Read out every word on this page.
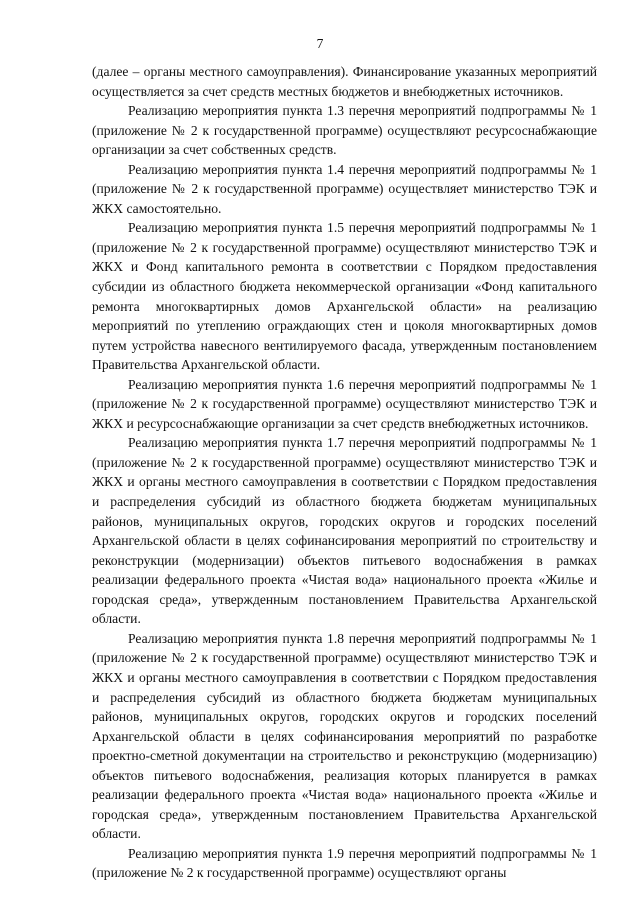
7

(далее – органы местного самоуправления). Финансирование указанных мероприятий осуществляется за счет средств местных бюджетов и внебюджетных источников.

Реализацию мероприятия пункта 1.3 перечня мероприятий подпрограммы № 1 (приложение № 2 к государственной программе) осуществляют ресурсоснабжающие организации за счет собственных средств.

Реализацию мероприятия пункта 1.4 перечня мероприятий подпрограммы № 1 (приложение № 2 к государственной программе) осуществляет министерство ТЭК и ЖКХ самостоятельно.

Реализацию мероприятия пункта 1.5 перечня мероприятий подпрограммы № 1 (приложение № 2 к государственной программе) осуществляют министерство ТЭК и ЖКХ и Фонд капитального ремонта в соответствии с Порядком предоставления субсидии из областного бюджета некоммерческой организации «Фонд капитального ремонта многоквартирных домов Архангельской области» на реализацию мероприятий по утеплению ограждающих стен и цоколя многоквартирных домов путем устройства навесного вентилируемого фасада, утвержденным постановлением Правительства Архангельской области.

Реализацию мероприятия пункта 1.6 перечня мероприятий подпрограммы № 1 (приложение № 2 к государственной программе) осуществляют министерство ТЭК и ЖКХ и ресурсоснабжающие организации за счет средств внебюджетных источников.

Реализацию мероприятия пункта 1.7 перечня мероприятий подпрограммы № 1 (приложение № 2 к государственной программе) осуществляют министерство ТЭК и ЖКХ и органы местного самоуправления в соответствии с Порядком предоставления и распределения субсидий из областного бюджета бюджетам муниципальных районов, муниципальных округов, городских округов и городских поселений Архангельской области в целях софинансирования мероприятий по строительству и реконструкции (модернизации) объектов питьевого водоснабжения в рамках реализации федерального проекта «Чистая вода» национального проекта «Жилье и городская среда», утвержденным постановлением Правительства Архангельской области.

Реализацию мероприятия пункта 1.8 перечня мероприятий подпрограммы № 1 (приложение № 2 к государственной программе) осуществляют министерство ТЭК и ЖКХ и органы местного самоуправления в соответствии с Порядком предоставления и распределения субсидий из областного бюджета бюджетам муниципальных районов, муниципальных округов, городских округов и городских поселений Архангельской области в целях софинансирования мероприятий по разработке проектно-сметной документации на строительство и реконструкцию (модернизацию) объектов питьевого водоснабжения, реализация которых планируется в рамках реализации федерального проекта «Чистая вода» национального проекта «Жилье и городская среда», утвержденным постановлением Правительства Архангельской области.

Реализацию мероприятия пункта 1.9 перечня мероприятий подпрограммы № 1 (приложение № 2 к государственной программе) осуществляют органы
